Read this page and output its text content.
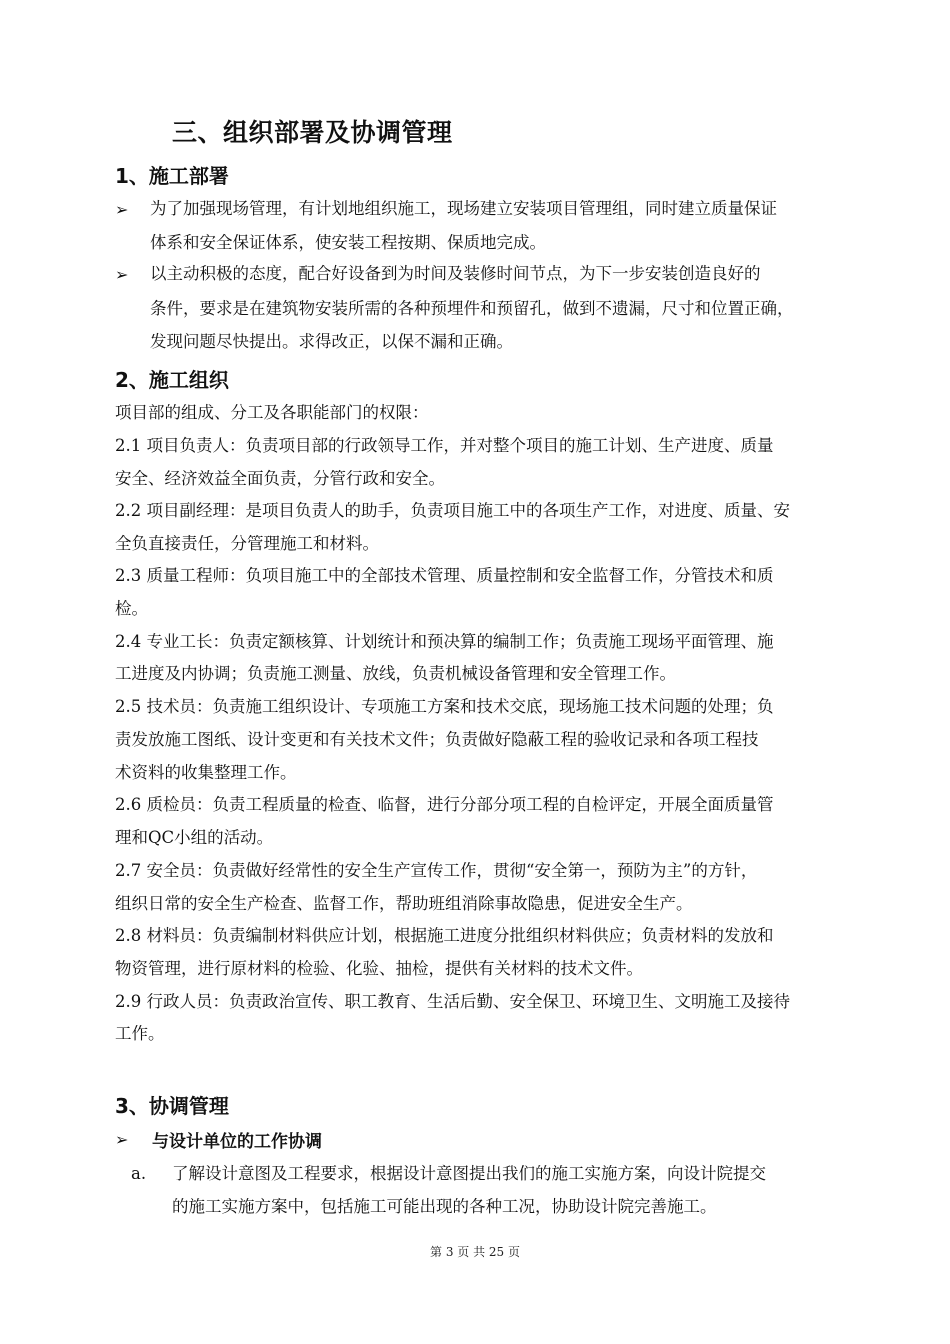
三、组织部署及协调管理
1、施工部署
➢	为了加强现场管理，有计划地组织施工，现场建立安装项目管理组，同时建立质量保证
体系和安全保证体系，使安装工程按期、保质地完成。
➢	以主动积极的态度，配合好设备到为时间及装修时间节点，为下一步安装创造良好的
条件，要求是在建筑物安装所需的各种预埋件和预留孔，做到不遗漏，尺寸和位置正确，
发现问题尽快提出。求得改正，以保不漏和正确。
2、施工组织
项目部的组成、分工及各职能部门的权限：
2.1 项目负责人：负责项目部的行政领导工作，并对整个项目的施工计划、生产进度、质量
安全、经济效益全面负责，分管行政和安全。
2.2 项目副经理：是项目负责人的助手，负责项目施工中的各项生产工作，对进度、质量、安
全负直接责任，分管理施工和材料。
2.3 质量工程师：负项目施工中的全部技术管理、质量控制和安全监督工作，分管技术和质
检。
2.4 专业工长：负责定额核算、计划统计和预决算的编制工作；负责施工现场平面管理、施
工进度及内协调；负责施工测量、放线，负责机械设备管理和安全管理工作。
2.5 技术员：负责施工组织设计、专项施工方案和技术交底，现场施工技术问题的处理；负
责发放施工图纸、设计变更和有关技术文件；负责做好隐蔽工程的验收记录和各项工程技
术资料的收集整理工作。
2.6 质检员：负责工程质量的检查、临督，进行分部分项工程的自检评定，开展全面质量管
理和QC小组的活动。
2.7 安全员：负责做好经常性的安全生产宣传工作，贯彻“安全第一，预防为主”的方针，
组织日常的安全生产检查、监督工作，帮助班组消除事故隐患，促进安全生产。
2.8 材料员：负责编制材料供应计划，根据施工进度分批组织材料供应；负责材料的发放和
物资管理，进行原材料的检验、化验、抽检，提供有关材料的技术文件。
2.9 行政人员：负责政治宣传、职工教育、生活后勤、安全保卫、环境卫生、文明施工及接待
工作。
3、协调管理
➢	与设计单位的工作协调
a. 了解设计意图及工程要求，根据设计意图提出我们的施工实施方案，向设计院提交
的施工实施方案中，包括施工可能出现的各种工况，协助设计院完善施工。
第 3 页 共 25 页
